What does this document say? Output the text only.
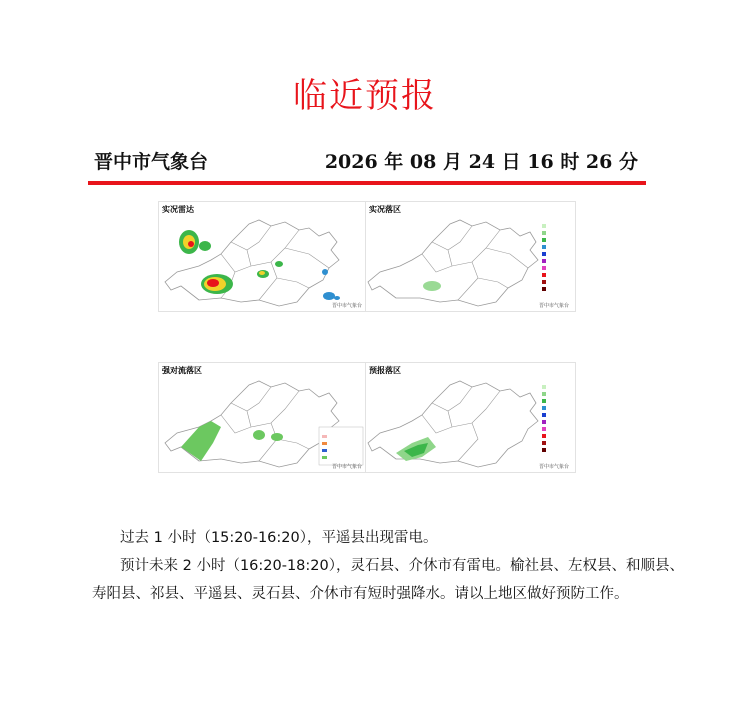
临近预报
晋中市气象台	2026 年 08 月 24 日 16 时 26 分
实况雷达
晋中市气象台
实况落区
晋中市气象台
强对流落区
晋中市气象台
预报落区
晋中市气象台
过去 1 小时（15:20-16:20），平遥县出现雷电。
预计未来 2 小时（16:20-18:20），灵石县、介休市有雷电。榆社县、左权县、和顺县、
寿阳县、祁县、平遥县、灵石县、介休市有短时强降水。请以上地区做好预防工作。
